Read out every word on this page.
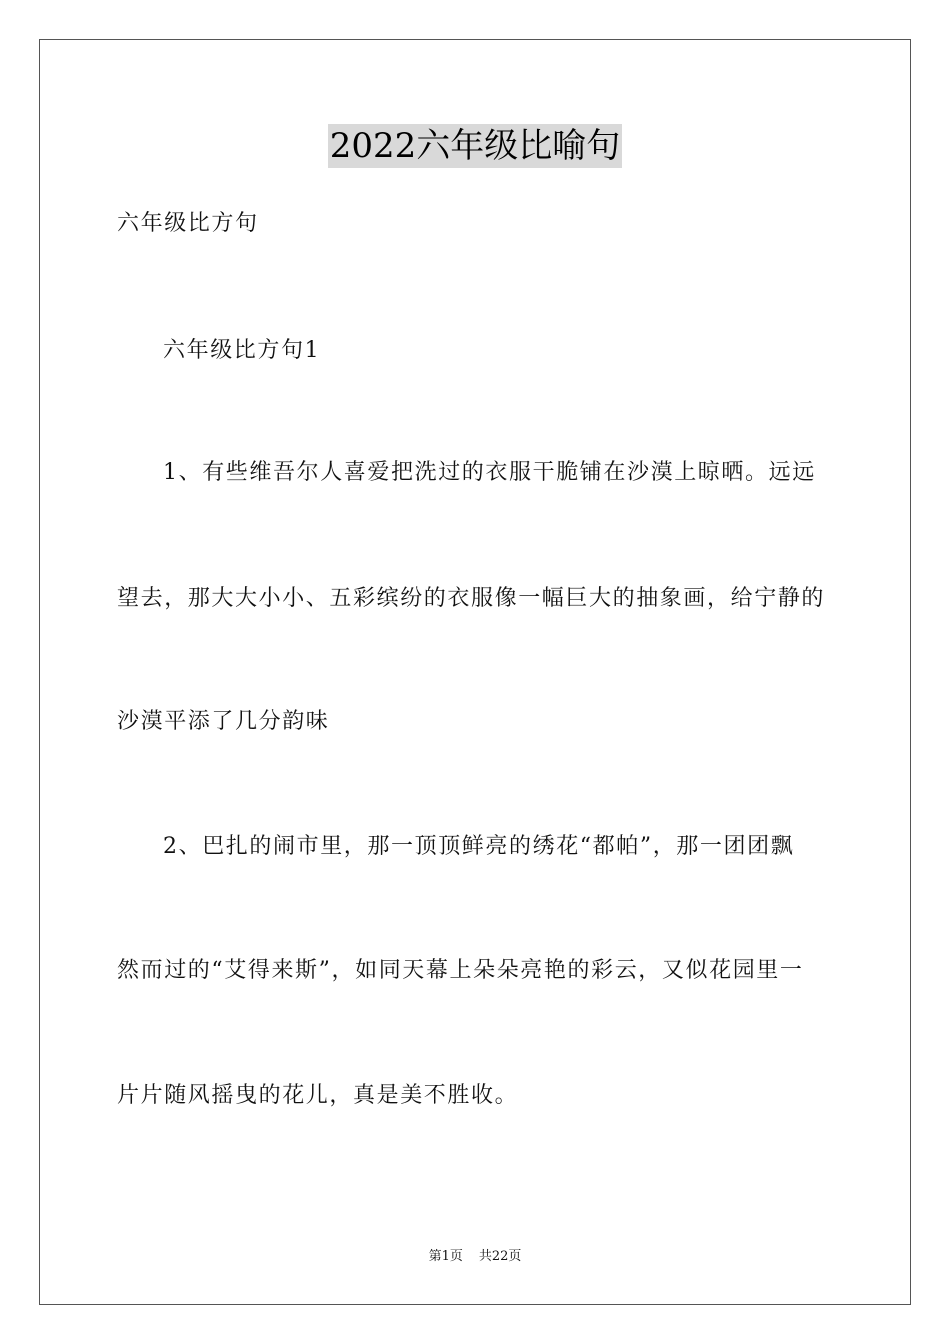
2022六年级比喻句
六年级比方句
六年级比方句1
1、有些维吾尔人喜爱把洗过的衣服干脆铺在沙漠上晾晒。远远
望去，那大大小小、五彩缤纷的衣服像一幅巨大的抽象画，给宁静的
沙漠平添了几分韵味
2、巴扎的闹市里，那一顶顶鲜亮的绣花“都帕”，那一团团飘
然而过的“艾得来斯”，如同天幕上朵朵亮艳的彩云，又似花园里一
片片随风摇曳的花儿，真是美不胜收。
第1页 共22页
